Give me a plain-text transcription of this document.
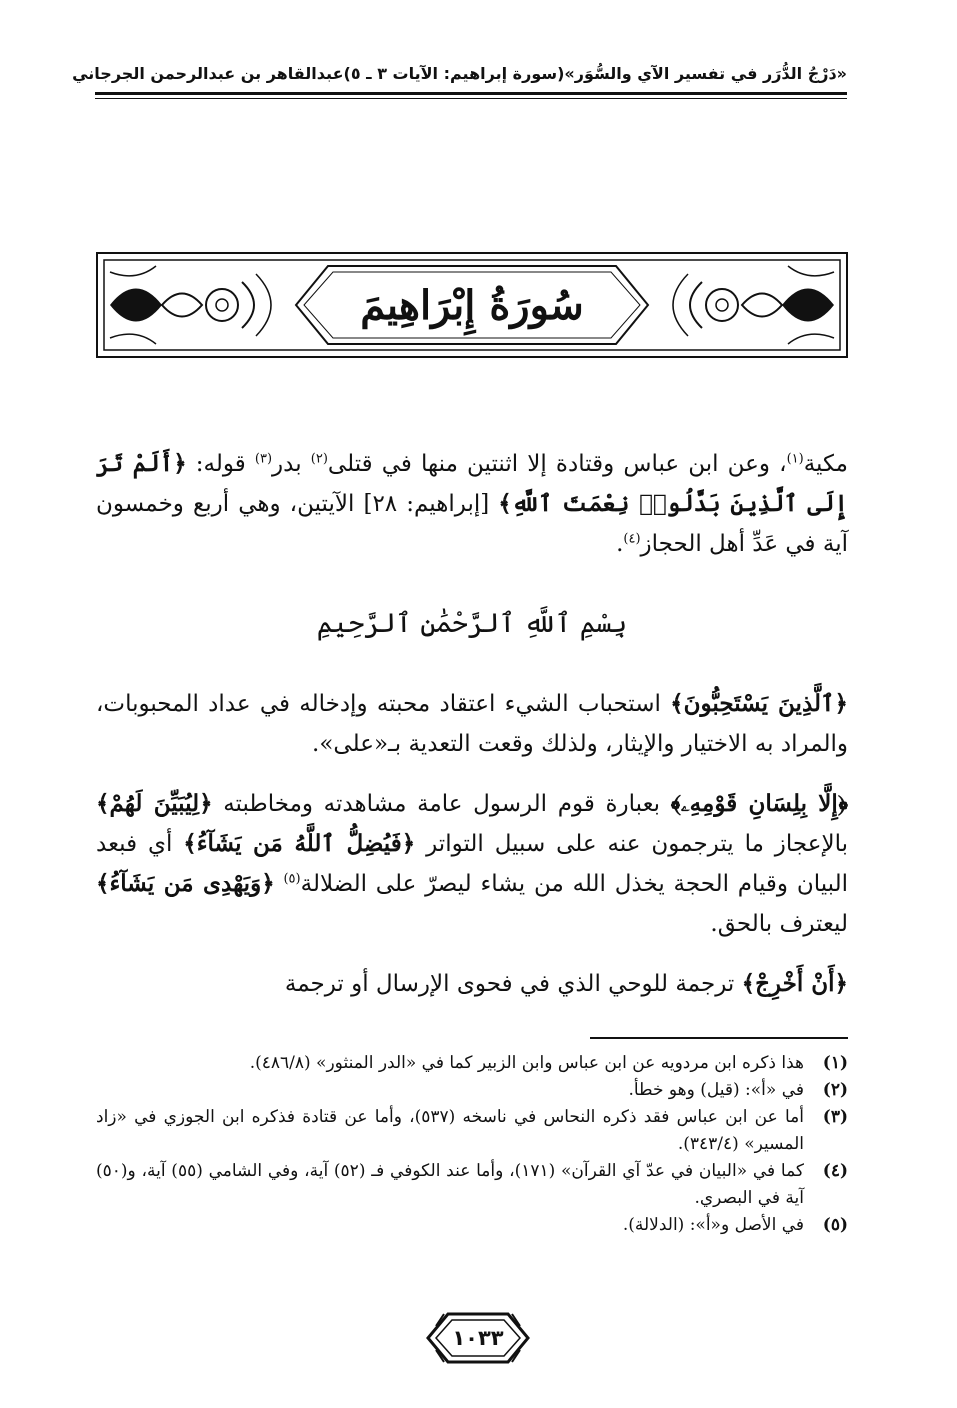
«دَرْجُ الدُّرَر في تفسير الآي والسُّوَر»
(سورة إبراهيم: الآيات ٣ ـ ٥)
عبدالقاهر بن عبدالرحمن الجرجاني
سُورَةُ إِبْرَاهِيمَ
مكية$^{(١)}$، وعن ابن عباس وقتادة إلا اثنتين منها في قتلى$^{(٢)}$ بدر$^{(٣)}$ قوله: ﴿أَلَمْ تَرَ إِلَى ٱلَّذِينَ بَدَّلُوا۟ نِعْمَتَ ٱللَّهِ﴾ [إبراهيم: ٢٨] الآيتين، وهي أربع وخمسون آية في عَدِّ أهل الحجاز$^{(٤)}$.
بِسْمِ ٱللَّهِ ٱلرَّحْمَٰنِ ٱلرَّحِيمِ
﴿ٱلَّذِينَ يَسْتَحِبُّونَ﴾ استحباب الشيء اعتقاد محبته وإدخاله في عداد المحبوبات، والمراد به الاختيار والإيثار، ولذلك وقعت التعدية بـ«على».
﴿إِلَّا بِلِسَانِ قَوْمِهِۦ﴾ بعبارة قوم الرسول عامة مشاهدته ومخاطبته ﴿لِيُبَيِّنَ لَهُمْ﴾ بالإعجاز ما يترجمون عنه على سبيل التواتر ﴿فَيُضِلُّ ٱللَّهُ مَن يَشَآءُ﴾ أي فبعد البيان وقيام الحجة يخذل الله من يشاء ليصرّ على الضلالة$^{(٥)}$ ﴿وَيَهْدِى مَن يَشَآءُ﴾ ليعترف بالحق.
﴿أَنْ أَخْرِجْ﴾ ترجمة للوحي الذي في فحوى الإرسال أو ترجمة
(١)
هذا ذكره ابن مردويه عن ابن عباس وابن الزبير كما في «الدر المنثور» (٤٨٦/٨).
(٢)
في «أ»: (قيل) وهو خطأ.
(٣)
أما عن ابن عباس فقد ذكره النحاس في ناسخه (٥٣٧)، وأما عن قتادة فذكره ابن الجوزي في «زاد المسير» (٣٤٣/٤).
(٤)
كما في «البيان في عدّ آي القرآن» (١٧١)، وأما عند الكوفي فـ (٥٢) آية، وفي الشامي (٥٥) آية، و(٥٠) آية في البصري.
(٥)
في الأصل و«أ»: (الدلالة).
١٠٣٣
